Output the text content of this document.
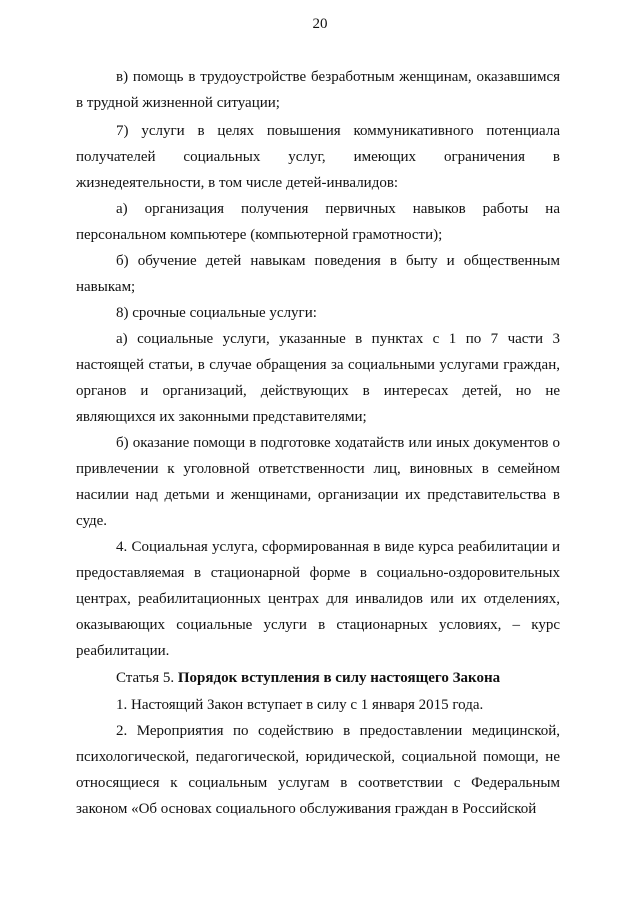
20

в) помощь в трудоустройстве безработным женщинам, оказавшимся в трудной жизненной ситуации;

7) услуги в целях повышения коммуникативного потенциала получателей социальных услуг, имеющих ограничения в жизнедеятельности, в том числе детей-инвалидов:

а) организация получения первичных навыков работы на персональном компьютере (компьютерной грамотности);

б) обучение детей навыкам поведения в быту и общественным навыкам;

8) срочные социальные услуги:

а) социальные услуги, указанные в пунктах с 1 по 7 части 3 настоящей статьи, в случае обращения за социальными услугами граждан, органов и организаций, действующих в интересах детей, но не являющихся их законными представителями;

б) оказание помощи в подготовке ходатайств или иных документов о привлечении к уголовной ответственности лиц, виновных в семейном насилии над детьми и женщинами, организации их представительства в суде.

4. Социальная услуга, сформированная в виде курса реабилитации и предоставляемая в стационарной форме в социально-оздоровительных центрах, реабилитационных центрах для инвалидов или их отделениях, оказывающих социальные услуги в стационарных условиях, – курс реабилитации.

Статья 5. Порядок вступления в силу настоящего Закона

1. Настоящий Закон вступает в силу с 1 января 2015 года.

2. Мероприятия по содействию в предоставлении медицинской, психологической, педагогической, юридической, социальной помощи, не относящиеся к социальным услугам в соответствии с Федеральным законом «Об основах социального обслуживания граждан в Российской
